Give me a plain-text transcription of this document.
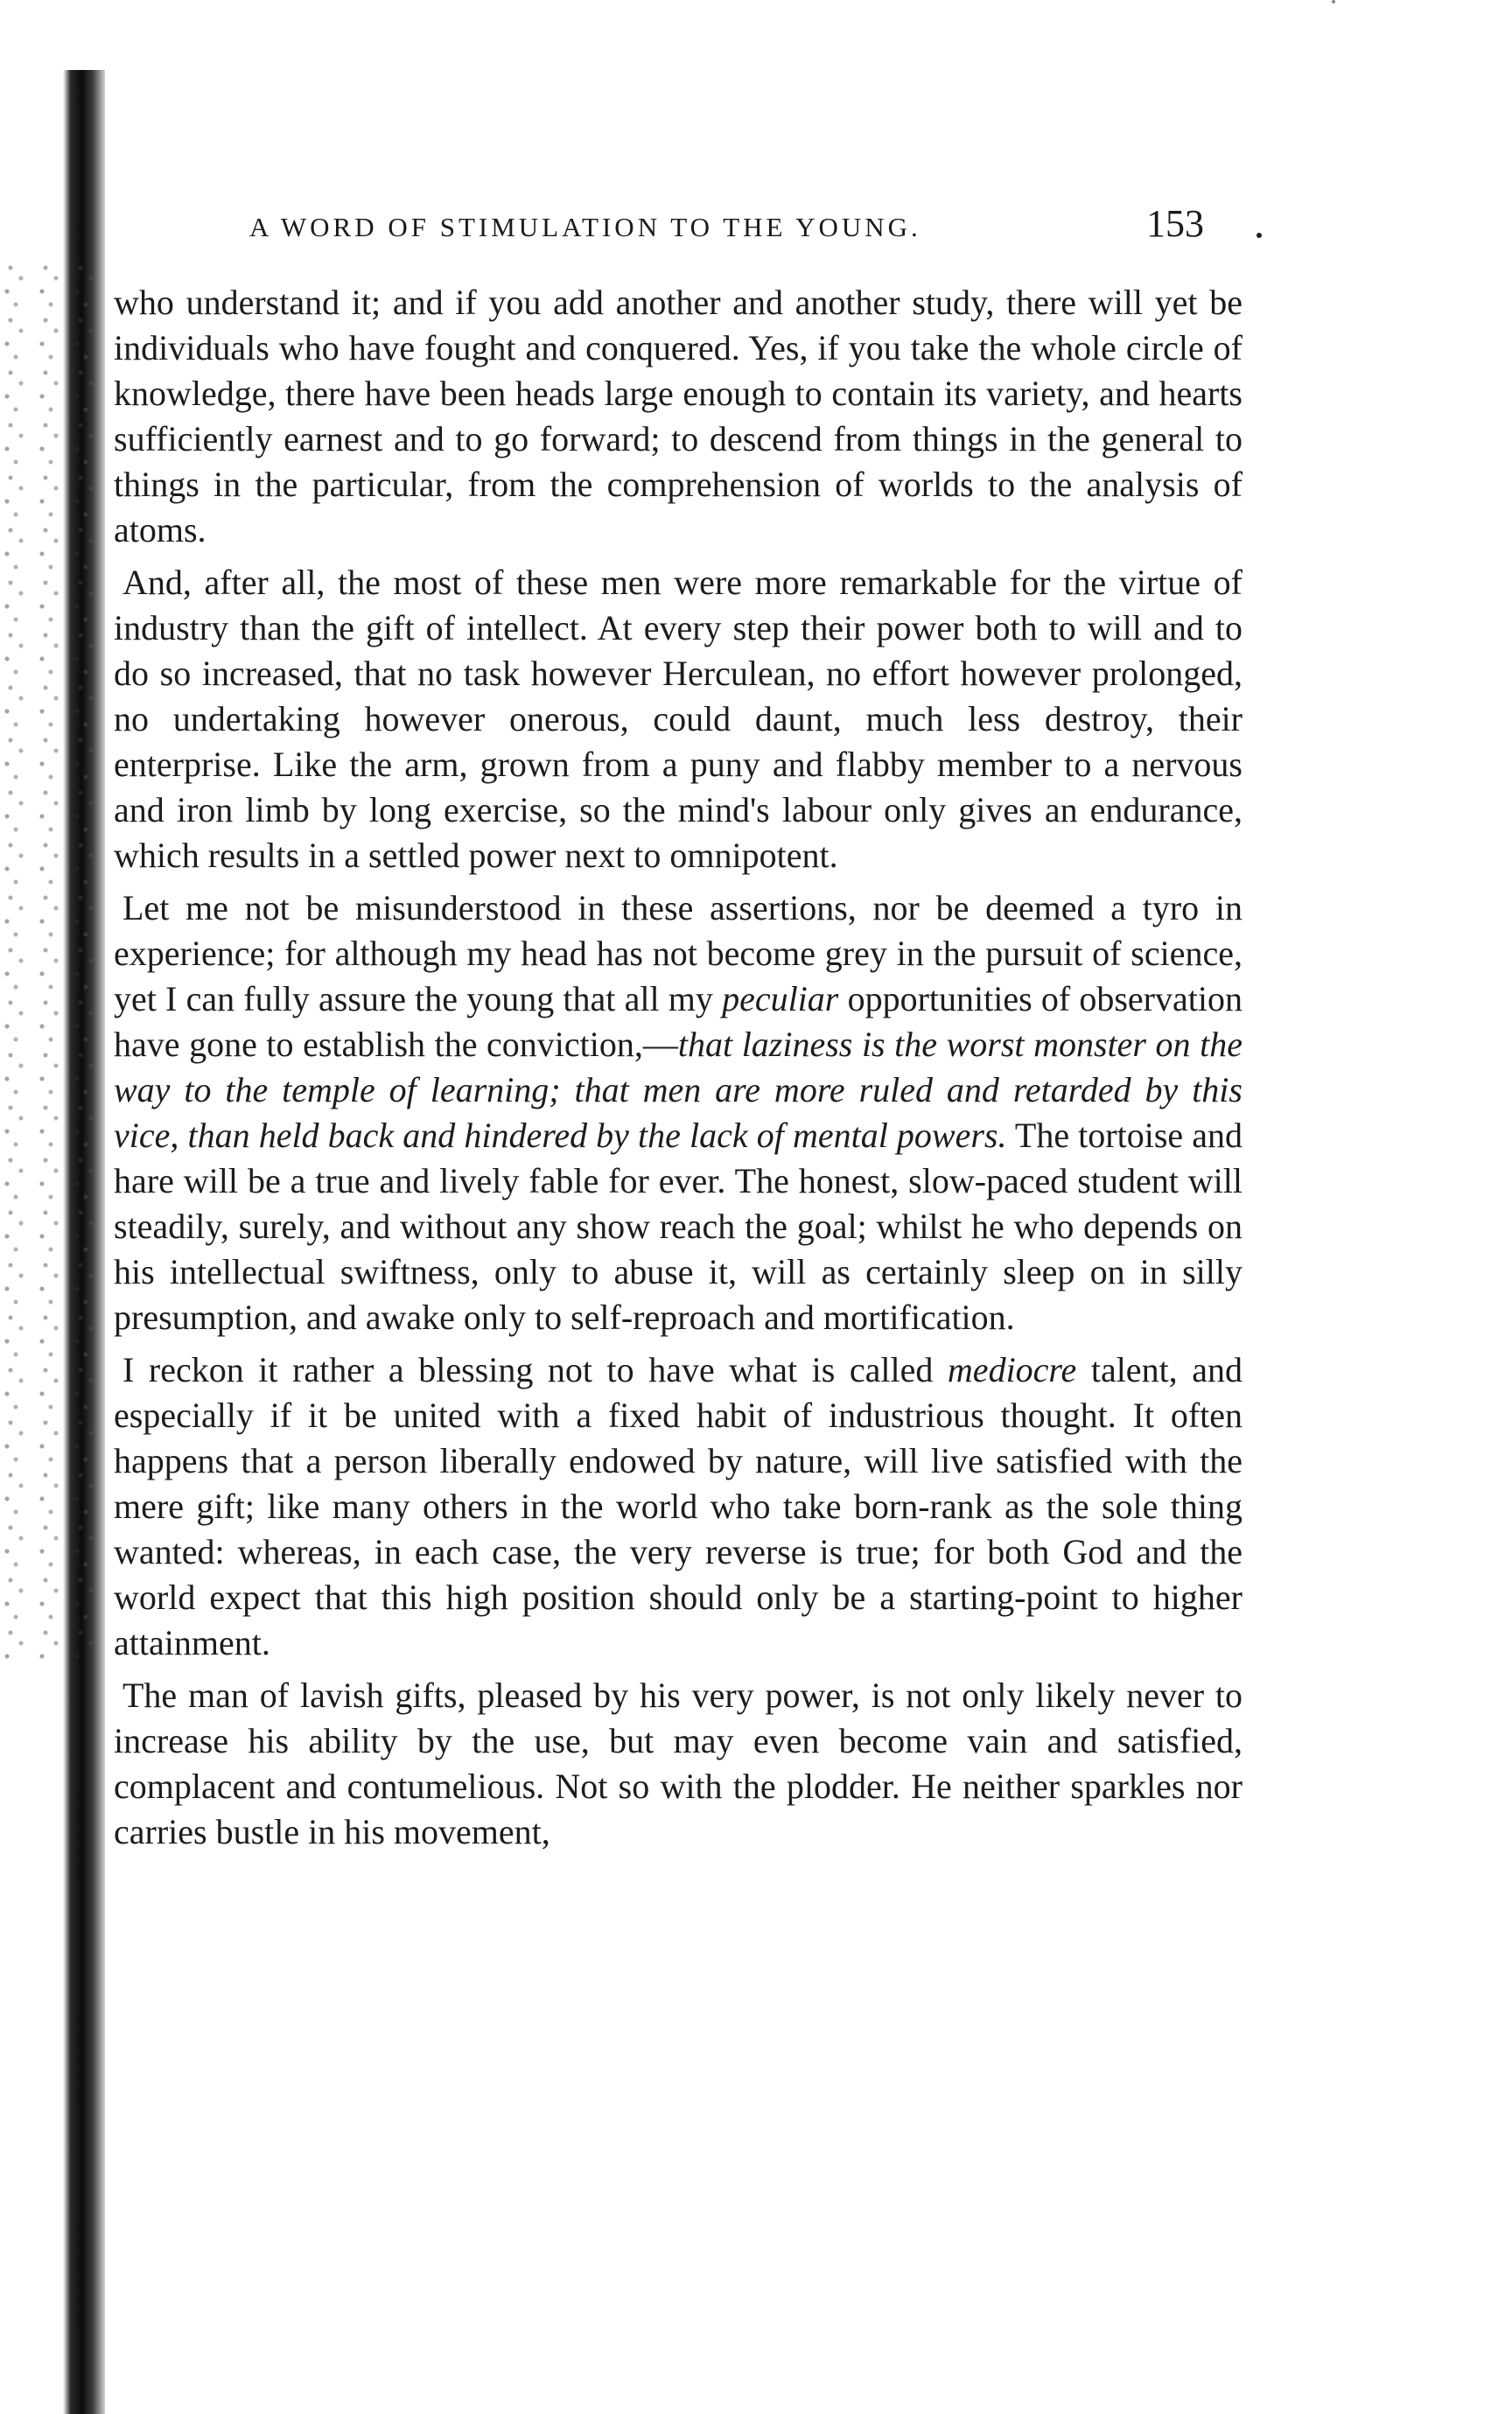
A WORD OF STIMULATION TO THE YOUNG.	153

who understand it; and if you add another and another study, there will yet be individuals who have fought and conquered. Yes, if you take the whole circle of knowledge, there have been heads large enough to contain its variety, and hearts sufficiently earnest and to go forward; to descend from things in the general to things in the particular, from the comprehension of worlds to the analysis of atoms.

And, after all, the most of these men were more remarkable for the virtue of industry than the gift of intellect. At every step their power both to will and to do so increased, that no task however Herculean, no effort however prolonged, no undertaking however onerous, could daunt, much less destroy, their enterprise. Like the arm, grown from a puny and flabby member to a nervous and iron limb by long exercise, so the mind's labour only gives an endurance, which results in a settled power next to omnipotent.

Let me not be misunderstood in these assertions, nor be deemed a tyro in experience; for although my head has not become grey in the pursuit of science, yet I can fully assure the young that all my peculiar opportunities of observation have gone to establish the conviction,—that laziness is the worst monster on the way to the temple of learning; that men are more ruled and retarded by this vice, than held back and hindered by the lack of mental powers. The tortoise and hare will be a true and lively fable for ever. The honest, slow-paced student will steadily, surely, and without any show reach the goal; whilst he who depends on his intellectual swiftness, only to abuse it, will as certainly sleep on in silly presumption, and awake only to self-reproach and mortification.

I reckon it rather a blessing not to have what is called mediocre talent, and especially if it be united with a fixed habit of industrious thought. It often happens that a person liberally endowed by nature, will live satisfied with the mere gift; like many others in the world who take born-rank as the sole thing wanted: whereas, in each case, the very reverse is true; for both God and the world expect that this high position should only be a starting-point to higher attainment.

The man of lavish gifts, pleased by his very power, is not only likely never to increase his ability by the use, but may even become vain and satisfied, complacent and contumelious. Not so with the plodder. He neither sparkles nor carries bustle in his movement,
